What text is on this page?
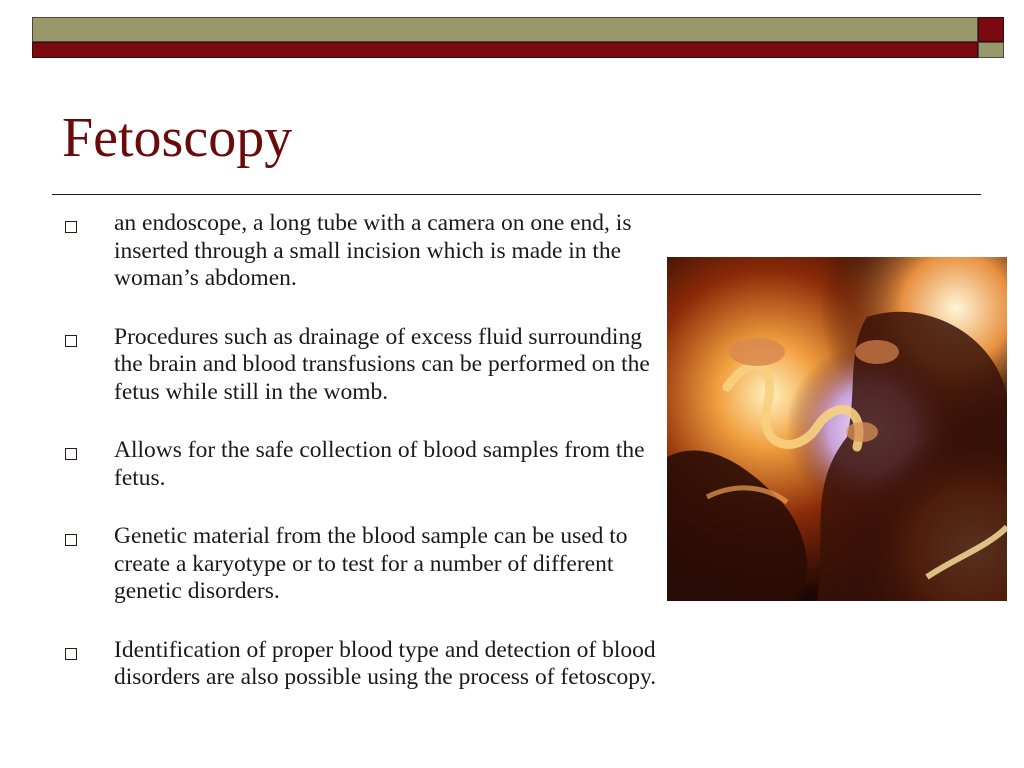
Fetoscopy
an endoscope, a long tube with a camera on one end, is inserted through a small incision which is made in the woman’s abdomen.
Procedures such as drainage of excess fluid surrounding the brain and blood transfusions can be performed on the fetus while still in the womb.
Allows for the safe collection of blood samples from the fetus.
Genetic material from the blood sample can be used to create a karyotype or to test for a number of different genetic disorders.
Identification of proper blood type and detection of blood disorders are also possible using the process of fetoscopy.
